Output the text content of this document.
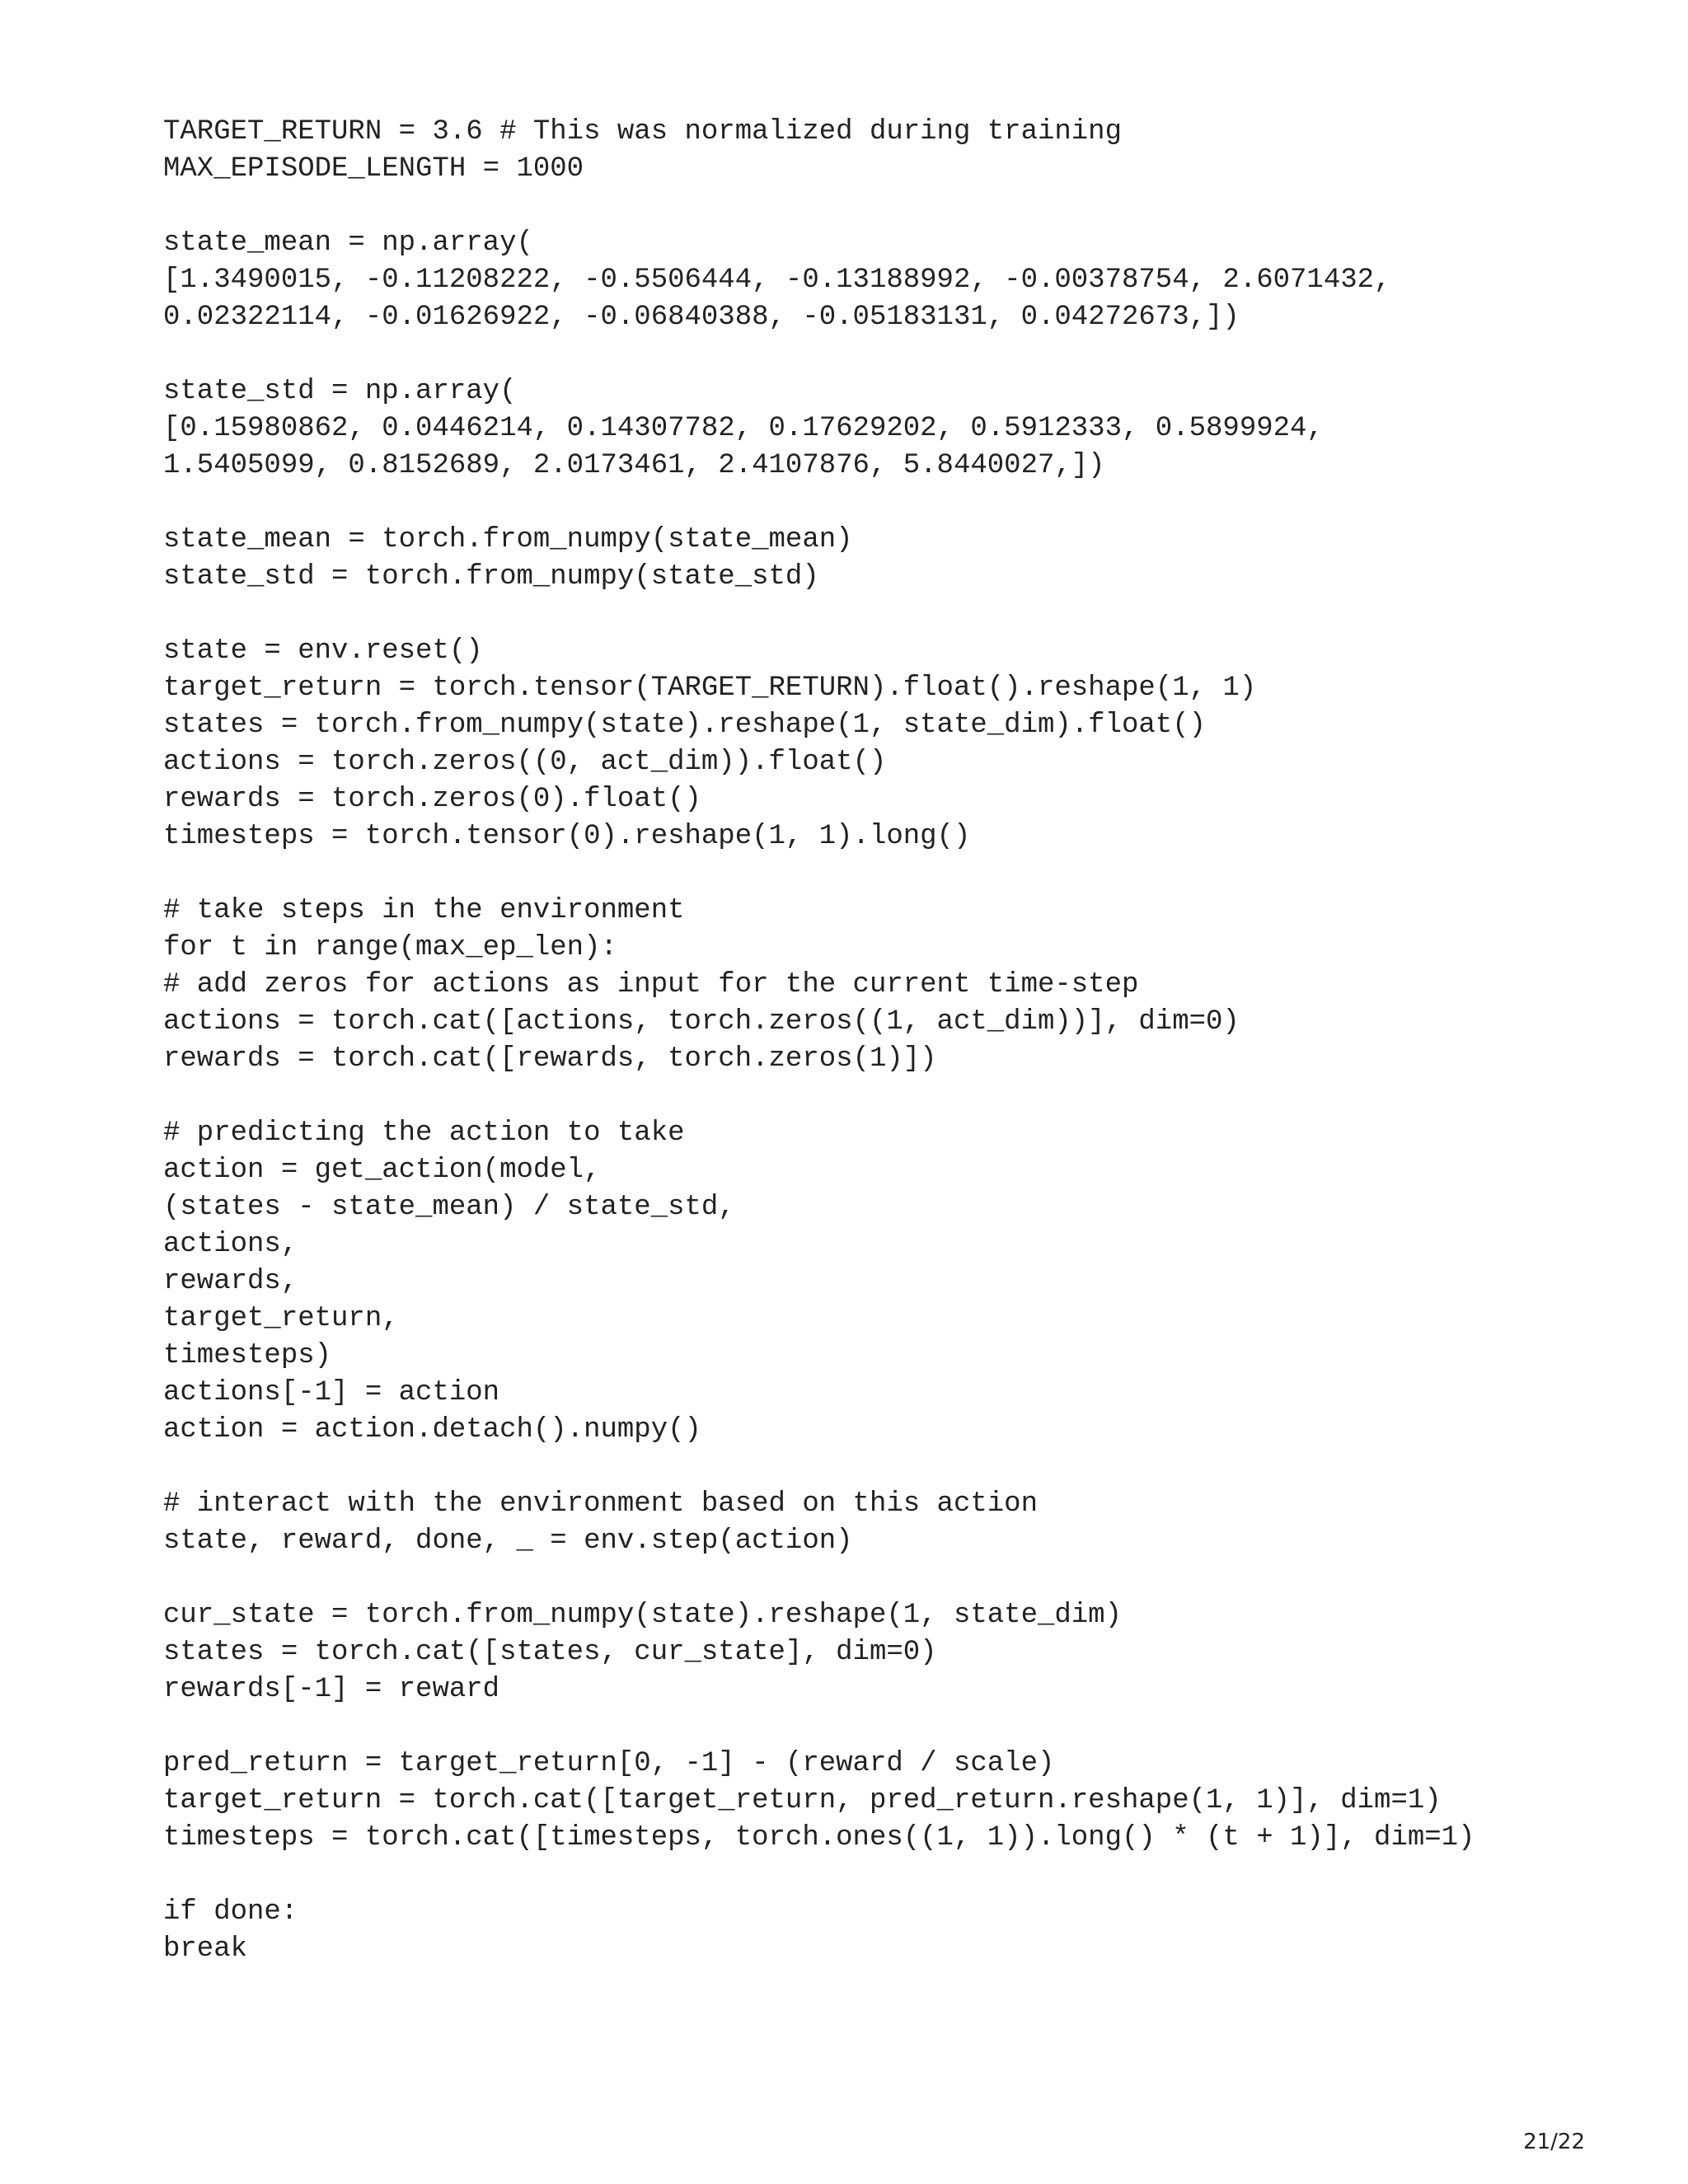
TARGET_RETURN = 3.6 # This was normalized during training
MAX_EPISODE_LENGTH = 1000
state_mean = np.array(
[1.3490015, -0.11208222, -0.5506444, -0.13188992, -0.00378754, 2.6071432,
0.02322114, -0.01626922, -0.06840388, -0.05183131, 0.04272673,])
state_std = np.array(
[0.15980862, 0.0446214, 0.14307782, 0.17629202, 0.5912333, 0.5899924,
1.5405099, 0.8152689, 2.0173461, 2.4107876, 5.8440027,])
state_mean = torch.from_numpy(state_mean)
state_std = torch.from_numpy(state_std)
state = env.reset()
target_return = torch.tensor(TARGET_RETURN).float().reshape(1, 1)
states = torch.from_numpy(state).reshape(1, state_dim).float()
actions = torch.zeros((0, act_dim)).float()
rewards = torch.zeros(0).float()
timesteps = torch.tensor(0).reshape(1, 1).long()
# take steps in the environment
for t in range(max_ep_len):
# add zeros for actions as input for the current time-step
actions = torch.cat([actions, torch.zeros((1, act_dim))], dim=0)
rewards = torch.cat([rewards, torch.zeros(1)])
# predicting the action to take
action = get_action(model,
(states - state_mean) / state_std,
actions,
rewards,
target_return,
timesteps)
actions[-1] = action
action = action.detach().numpy()
# interact with the environment based on this action
state, reward, done, _ = env.step(action)
cur_state = torch.from_numpy(state).reshape(1, state_dim)
states = torch.cat([states, cur_state], dim=0)
rewards[-1] = reward
pred_return = target_return[0, -1] - (reward / scale)
target_return = torch.cat([target_return, pred_return.reshape(1, 1)], dim=1)
timesteps = torch.cat([timesteps, torch.ones((1, 1)).long() * (t + 1)], dim=1)
if done:
break
21/22
